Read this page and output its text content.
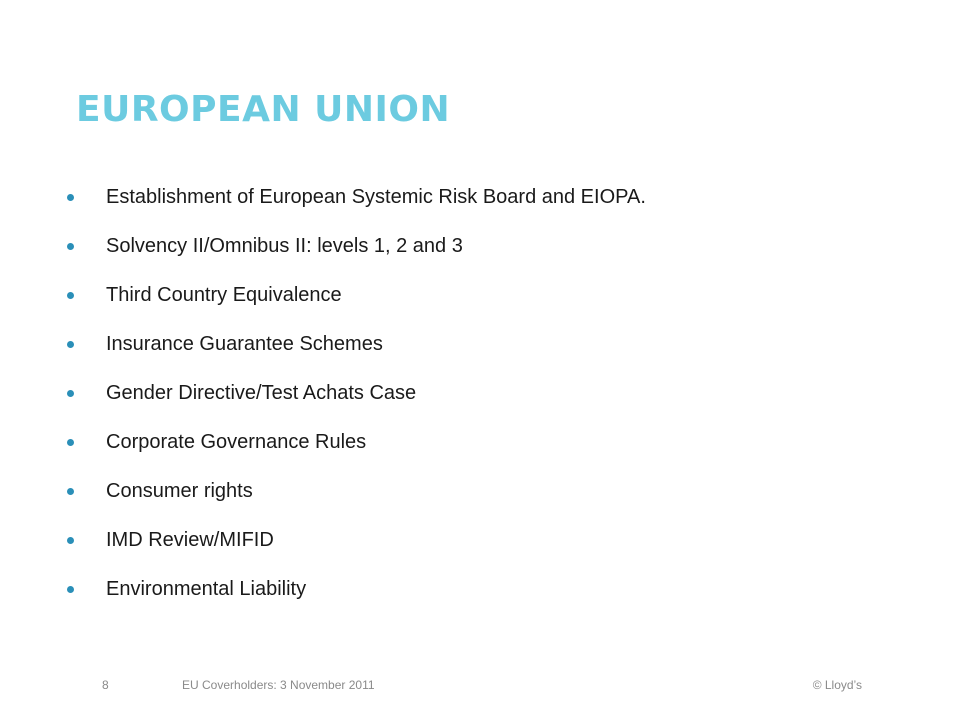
EUROPEAN UNION
Establishment of European Systemic Risk Board and EIOPA.
Solvency II/Omnibus II: levels 1, 2 and 3
Third Country Equivalence
Insurance Guarantee Schemes
Gender Directive/Test Achats Case
Corporate Governance Rules
Consumer rights
IMD Review/MIFID
Environmental Liability
8	EU Coverholders: 3 November 2011	© Lloyd’s
